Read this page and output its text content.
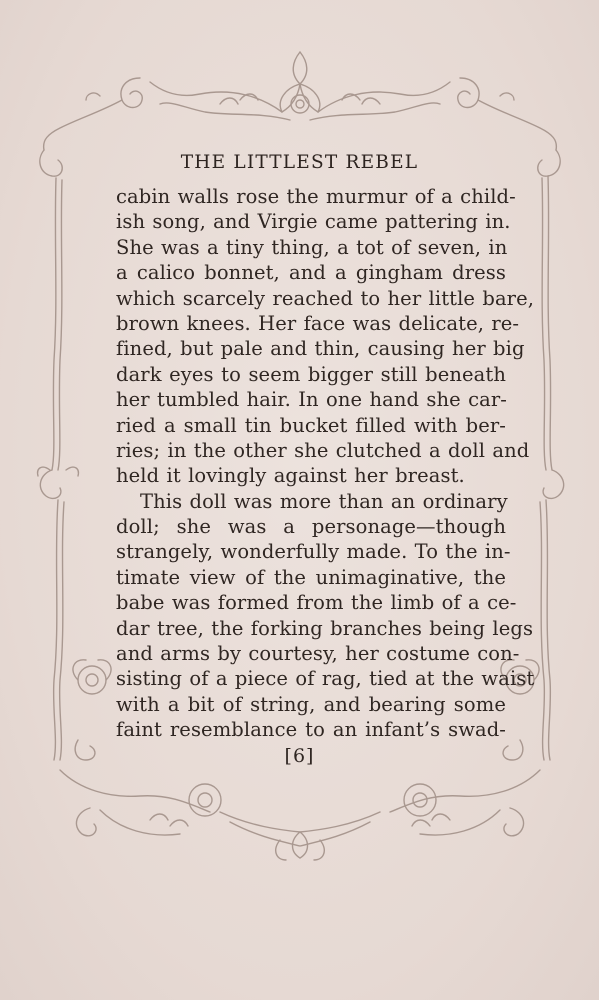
THE LITTLEST REBEL
cabin walls rose the murmur of a child-
ish song, and Virgie came pattering in.
She was a tiny thing, a tot of seven, in
a calico bonnet, and a gingham dress
which scarcely reached to her little bare,
brown knees. Her face was delicate, re-
fined, but pale and thin, causing her big
dark eyes to seem bigger still beneath
her tumbled hair. In one hand she car-
ried a small tin bucket filled with ber-
ries; in the other she clutched a doll and
held it lovingly against her breast.
This doll was more than an ordinary
doll; she was a personage—though
strangely, wonderfully made. To the in-
timate view of the unimaginative, the
babe was formed from the limb of a ce-
dar tree, the forking branches being legs
and arms by courtesy, her costume con-
sisting of a piece of rag, tied at the waist
with a bit of string, and bearing some
faint resemblance to an infant’s swad-
[6]
